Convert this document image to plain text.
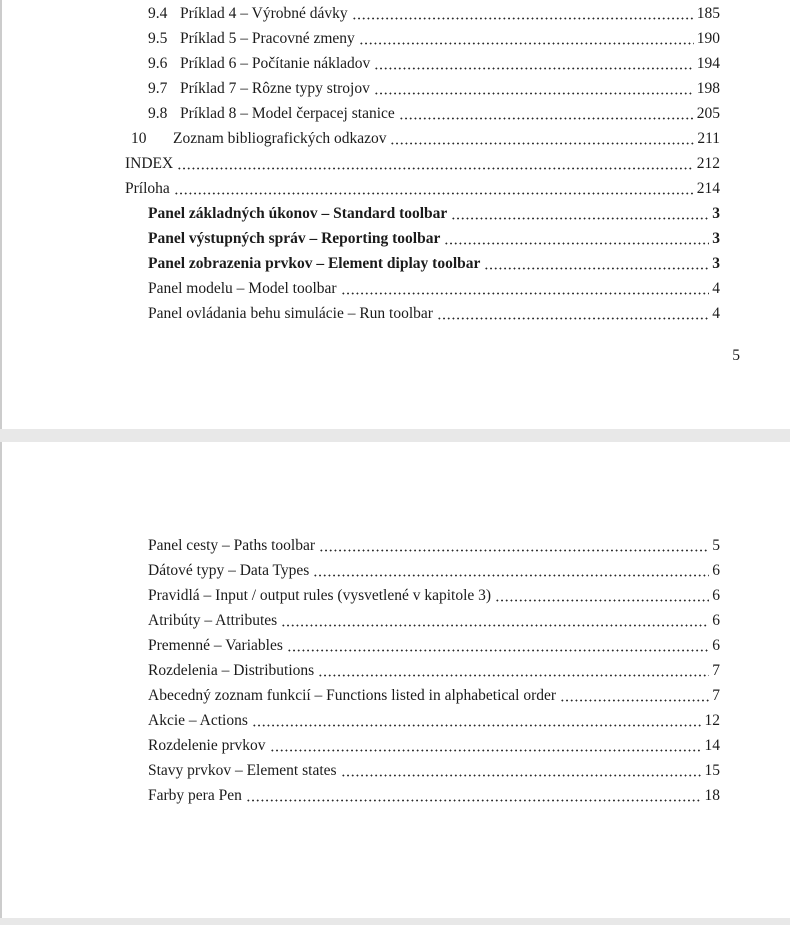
9.4 Príklad 4 – Výrobné dávky	185
9.5 Príklad 5 – Pracovné zmeny	190
9.6 Príklad 6 – Počítanie nákladov	194
9.7 Príklad 7 – Rôzne typy strojov	198
9.8 Príklad 8 – Model čerpacej stanice	205
10	Zoznam bibliografických odkazov	211
INDEX	212
Príloha	214
Panel základných úkonov – Standard toolbar	3
Panel výstupných správ – Reporting toolbar	3
Panel zobrazenia prvkov – Element diplay toolbar	3
Panel modelu – Model toolbar	4
Panel ovládania behu simulácie – Run toolbar	4
5
Panel cesty – Paths toolbar	5
Dátové typy – Data Types	6
Pravidlá – Input / output rules (vysvetlené v kapitole 3)	6
Atribúty – Attributes	6
Premenné – Variables	6
Rozdelenia – Distributions	7
Abecedný zoznam funkcií – Functions listed in alphabetical order	7
Akcie – Actions	12
Rozdelenie prvkov	14
Stavy prvkov – Element states	15
Farby pera Pen	18
